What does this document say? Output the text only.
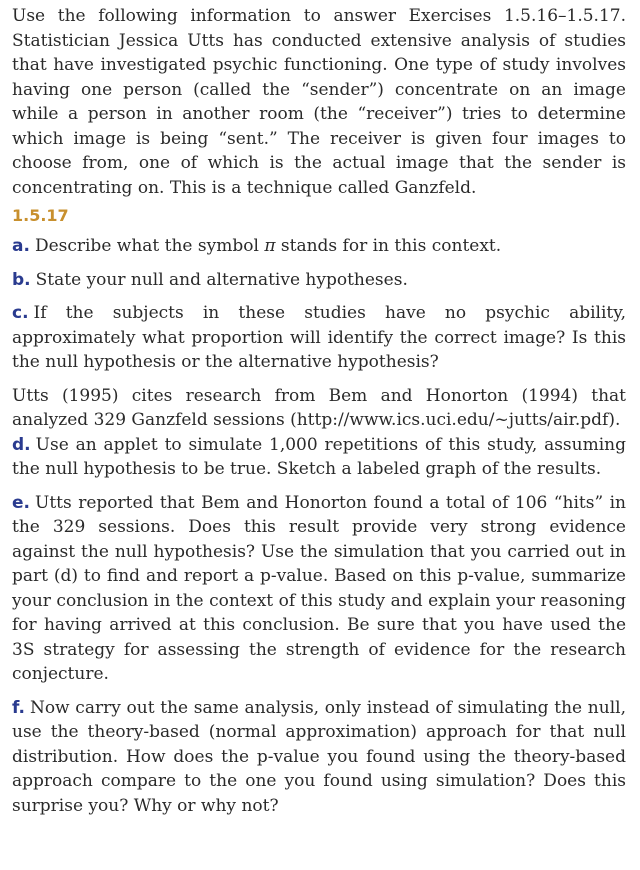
Use the following information to answer Exercises 1.5.16–1.5.17. Statistician Jessica Utts has conducted extensive analysis of studies that have investigated psychic functioning. One type of study involves having one person (called the “sender”) concentrate on an image while a person in another room (the “receiver”) tries to determine which image is being “sent.” The receiver is given four images to choose from, one of which is the actual image that the sender is concentrating on. This is a technique called Ganzfeld.

1.5.17

a. Describe what the symbol π stands for in this context.

b. State your null and alternative hypotheses.

c. If the subjects in these studies have no psychic ability, approximately what proportion will identify the correct image? Is this the null hypothesis or the alternative hypothesis?

Utts (1995) cites research from Bem and Honorton (1994) that analyzed 329 Ganzfeld sessions (http://www.ics.uci.edu/~jutts/air.pdf).

d. Use an applet to simulate 1,000 repetitions of this study, assuming the null hypothesis to be true. Sketch a labeled graph of the results.

e. Utts reported that Bem and Honorton found a total of 106 “hits” in the 329 sessions. Does this result provide very strong evidence against the null hypothesis? Use the simulation that you carried out in part (d) to find and report a p-value. Based on this p-value, summarize your conclusion in the context of this study and explain your reasoning for having arrived at this conclusion. Be sure that you have used the 3S strategy for assessing the strength of evidence for the research conjecture.

f. Now carry out the same analysis, only instead of simulating the null, use the theory-based (normal approximation) approach for that null distribution. How does the p-value you found using the theory-based approach compare to the one you found using simulation? Does this surprise you? Why or why not?
